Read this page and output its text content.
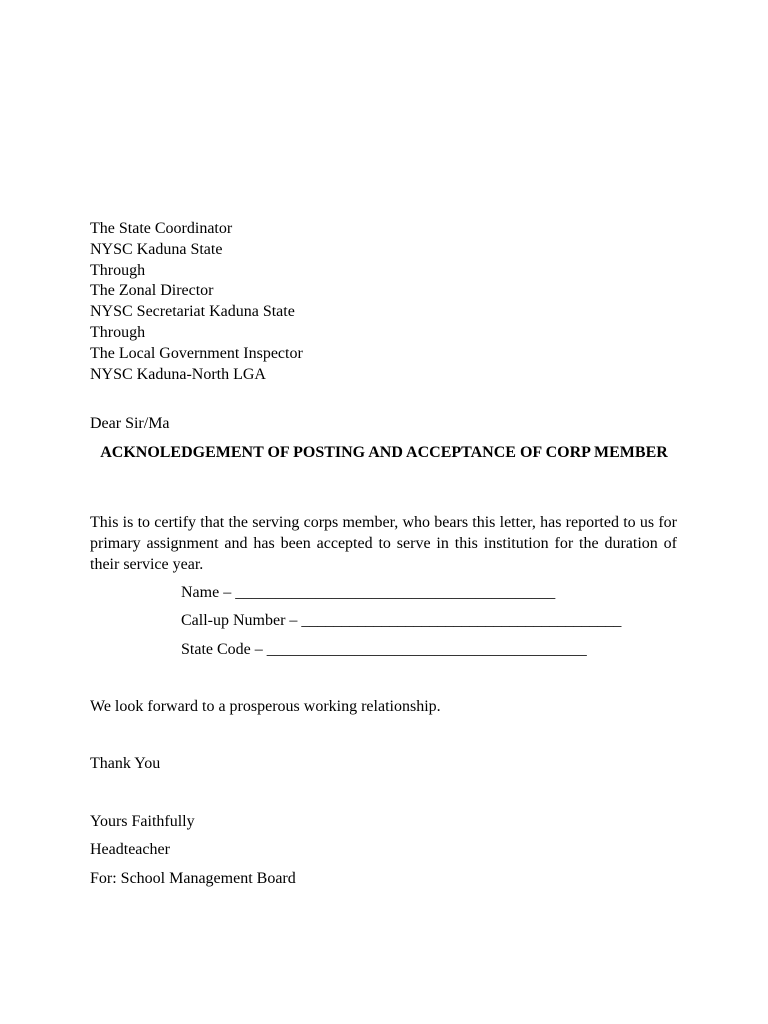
The State Coordinator
NYSC Kaduna State
Through
The Zonal Director
NYSC Secretariat Kaduna State
Through
The Local Government Inspector
NYSC Kaduna-North LGA
Dear Sir/Ma
ACKNOLEDGEMENT OF POSTING AND ACCEPTANCE OF CORP MEMBER
This is to certify that the serving corps member, who bears this letter, has reported to us for primary assignment and has been accepted to serve in this institution for the duration of their service year.
Name – ________________________________________
Call-up Number – ________________________________________
State Code – ________________________________________
We look forward to a prosperous working relationship.
Thank You
Yours Faithfully
Headteacher
For: School Management Board
